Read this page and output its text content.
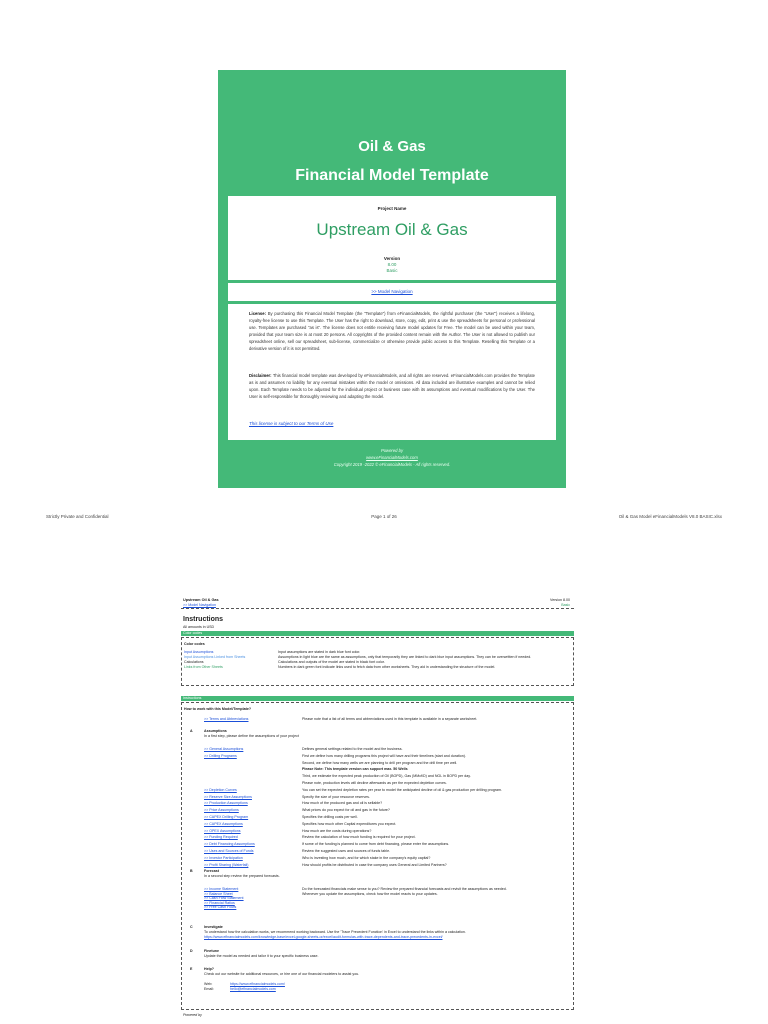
Oil & Gas
Financial Model Template
Project Name
Upstream Oil & Gas
Version
8.00
Basic
>> Model Navigation
License: By purchasing this Financial Model Template (the "Template") from eFinancialModels, the rightful purchaser (the "User") receives a lifelong, royalty-free license to use this Template. The User has the right to download, store, copy, edit, print & use the spreadsheets for personal or professional use. Templates are purchased "as is". The license does not entitle receiving future model updates for Free. The model can be used within your team, provided that your team size is at most 20 persons. All copyrights of the provided content remain with the Author. The User is not allowed to publish our spreadsheet online, sell our spreadsheet, sub-license, commercialize or otherwise provide public access to this Template. Reselling this Template or a derivative version of it is not permitted.
Disclaimer: This financial model template was developed by eFinancialModels, and all rights are reserved. eFinancialModels.com provides the Template as is and assumes no liability for any eventual mistakes within the model or omissions. All data included are illustrative examples and cannot be relied upon. Each Template needs to be adjusted for the individual project or business case with its assumptions and eventual modifications by the User. The User is self-responsible for thoroughly reviewing and adapting the model.
This license is subject to our Terms of Use
Powered by
www.eFinancialModels.com
Copyright 2019 -2022 © eFinancialModels - All rights reserved.
Strictly Private and Confidential	Page 1 of 26	Oil & Gas Model eFinancialModels V8.0 BASIC.xlsx
Upstream Oil & Gas
>> Model Navigation
Version 8.00
Basic
Instructions
All amounts in USD
Color codes
Color codes
Input Assumptions	Input assumptions are stated in dark blue font color.
Input Assumptions Linked from Sheets	Assumptions in light blue are the same as assumptions, only that temporarily they are linked to dark blue input assumptions. They can be overwritten if needed.
Calculations	Calculations and outputs of the model are stated in black font color.
Links from Other Sheets	Numbers in dark green font indicate links used to fetch data from other worksheets. They aid in understanding the structure of the model.
Instructions
How to work with this Model/Template?
>> Terms and Abbreviations	Please note that a list of all terms and abbreviations used in this template is available in a separate worksheet.
A	Assumptions
In a first step, please define the assumptions of your project
>> General Assumptions	Defines general settings related to the model and the business.
>> Drilling Programs	First we define how many drilling programs this project will have and their timelines (start and duration).
Second, we define how many wells we are planning to drill per program and the drill time per well.
Please Note: This template version can support max. 50 Wells
Third, we estimate the expected peak production of Oil (BOPD), Gas (MMcf/D) and NGL in BOPD per day.
Please note, production levels will decline afterwards as per the expected depletion curves.
>> Depletion Curves	You can set the expected depletion rates per year to model the anticipated decline of oil & gas production per drilling program.
>> Reserve Size Assumptions	Specify the size of your resource reserves.
>> Production Assumptions	How much of the produced gas and oil is sellable?
>> Price Assumptions	What prices do you expect for oil and gas in the future?
>> CAPEX Drilling Program	Specifies the drilling costs per well.
>> CAPEX Assumptions	Specifies how much other Capital expenditures you expect.
>> OPEX Assumptions	How much are the costs during operations?
>> Funding Required	Review the calculation of how much funding is required for your project.
>> Debt Financing Assumptions	If some of the funding is planned to come from debt financing, please enter the assumptions.
>> Uses and Sources of Funds	Review the suggested uses and sources of funds table.
>> Investor Participation	Who is investing how much, and for which stake in the company's equity capital?
>> Profit Sharing (Waterfall)	How should profits be distributed in case the company uses General and Limited Partners?
B	Forecast
In a second step review the prepared forecasts.
>> Income Statement	Do the forecasted financials make sense to you? Review the prepared financial forecasts and revisit the assumptions as needed.
>> Balance Sheet	Whenever you update the assumptions, check how the model reacts to your updates.
>> Cash Flow Statement
>> Financial Ratios
>> Free Cash Flows
C	Investigate
To understand how the calculation works, we recommend working backward. Use the 'Trace Precedent Function' in Excel to understand the links within a calculation.
https://www.efinancialmodels.com/knowledge-base/excel-google-sheets-or/excel/audit-formulas-with-trace-dependents-and-trace-precedents-in-excel/
D	Finetune
Update the model as needed and tailor it to your specific business case.
E	Help?
Check out our website for additional resources, or hire one of our financial modelers to assist you.
Web:	https://www.efinancialmodels.com/
Email:	hello@efinancialmodels.com
Powered by
